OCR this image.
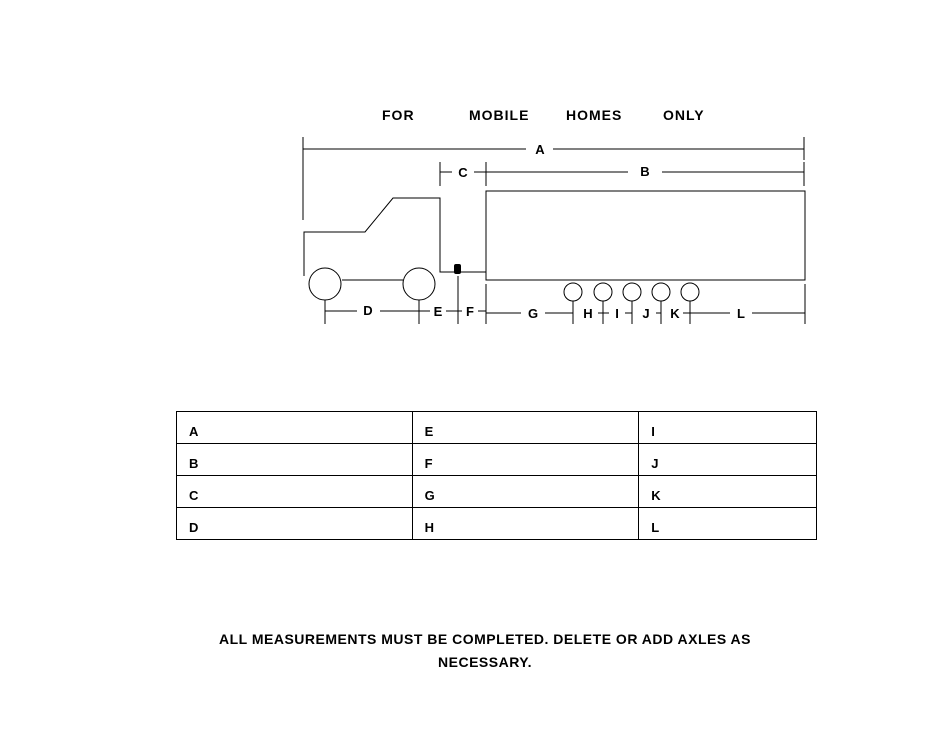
FOR	MOBILE	HOMES	ONLY
A
C	B
D	E F	G	H I J K	L
A	E	I
B	F	J
C	G	K
D	H	L
ALL MEASUREMENTS MUST BE COMPLETED. DELETE OR ADD AXLES AS
NECESSARY.
